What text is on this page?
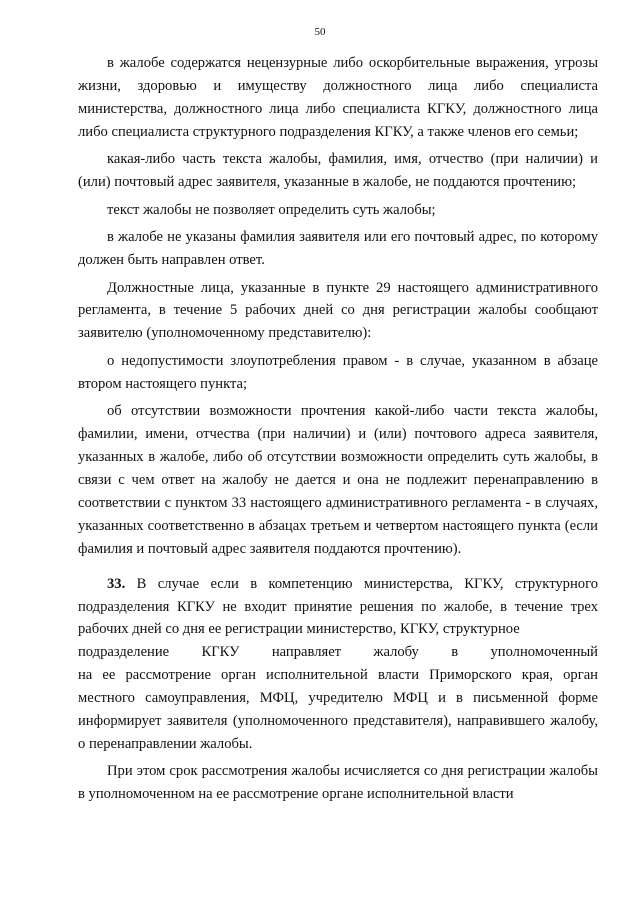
50

в жалобе содержатся нецензурные либо оскорбительные выражения, угрозы жизни, здоровью и имуществу должностного лица либо специалиста министерства, должностного лица либо специалиста КГКУ, должностного лица либо специалиста структурного подразделения КГКУ, а также членов его семьи;

какая-либо часть текста жалобы, фамилия, имя, отчество (при наличии) и (или) почтовый адрес заявителя, указанные в жалобе, не поддаются прочтению;

текст жалобы не позволяет определить суть жалобы;

в жалобе не указаны фамилия заявителя или его почтовый адрес, по которому должен быть направлен ответ.

Должностные лица, указанные в пункте 29 настоящего административного регламента, в течение 5 рабочих дней со дня регистрации жалобы сообщают заявителю (уполномоченному представителю):

о недопустимости злоупотребления правом - в случае, указанном в абзаце втором настоящего пункта;

об отсутствии возможности прочтения какой-либо части текста жалобы, фамилии, имени, отчества (при наличии) и (или) почтового адреса заявителя, указанных в жалобе, либо об отсутствии возможности определить суть жалобы, в связи с чем ответ на жалобу не дается и она не подлежит перенаправлению в соответствии с пунктом 33 настоящего административного регламента - в случаях, указанных соответственно в абзацах третьем и четвертом настоящего пункта (если фамилия и почтовый адрес заявителя поддаются прочтению).

33. В случае если в компетенцию министерства, КГКУ, структурного подразделения КГКУ не входит принятие решения по жалобе, в течение трех рабочих дней со дня ее регистрации министерство, КГКУ, структурное
подразделение КГКУ направляет жалобу в уполномоченный
на ее рассмотрение орган исполнительной власти Приморского края, орган местного самоуправления, МФЦ, учредителю МФЦ и в письменной форме информирует заявителя (уполномоченного представителя), направившего жалобу, о перенаправлении жалобы.

При этом срок рассмотрения жалобы исчисляется со дня регистрации жалобы в уполномоченном на ее рассмотрение органе исполнительной власти
